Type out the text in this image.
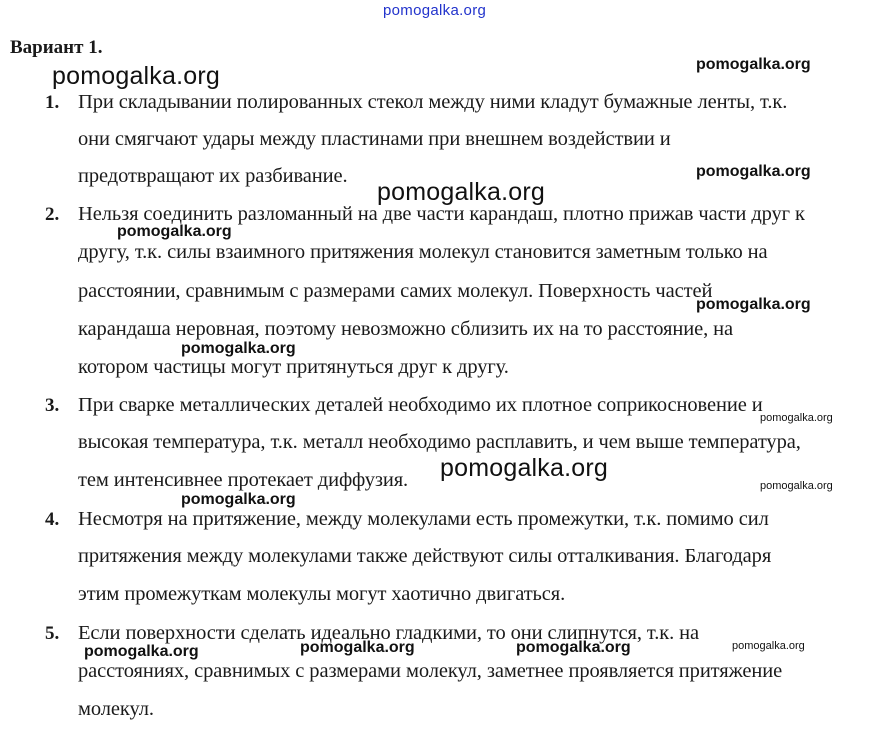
pomogalka.org
Вариант 1.
1. При складывании полированных стекол между ними кладут бумажные ленты, т.к.
они смягчают удары между пластинами при внешнем воздействии и
предотвращают их разбивание.
2. Нельзя соединить разломанный на две части карандаш, плотно прижав части друг к
другу, т.к. силы взаимного притяжения молекул становится заметным только на
расстоянии, сравнимым с размерами самих молекул. Поверхность частей
карандаша неровная, поэтому невозможно сблизить их на то расстояние, на
котором частицы могут притянуться друг к другу.
3. При сварке металлических деталей необходимо их плотное соприкосновение и
высокая температура, т.к. металл необходимо расплавить, и чем выше температура,
тем интенсивнее протекает диффузия.
4. Несмотря на притяжение, между молекулами есть промежутки, т.к. помимо сил
притяжения между молекулами также действуют силы отталкивания. Благодаря
этим промежуткам молекулы могут хаотично двигаться.
5. Если поверхности сделать идеально гладкими, то они слипнутся, т.к. на
расстояниях, сравнимых с размерами молекул, заметнее проявляется притяжение
молекул.
pomogalka.org	pomogalka.org
pomogalka.org
pomogalka.org
pomogalka.org
pomogalka.org
pomogalka.org
pomogalka.org
pomogalka.org
pomogalka.org
pomogalka.org
pomogalka.org	pomogalka.org	pomogalka.org	pomogalka.org
